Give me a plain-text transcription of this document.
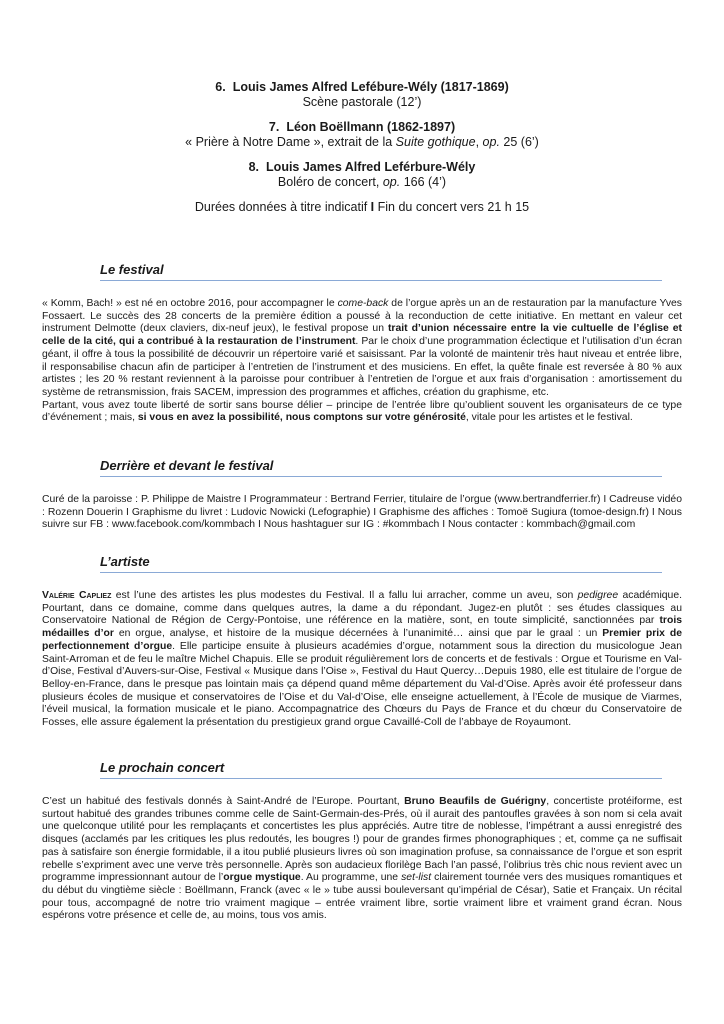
6. Louis James Alfred Lefébure-Wély (1817-1869)
Scène pastorale (12’)
7. Léon Boëllmann (1862-1897)
« Prière à Notre Dame », extrait de la Suite gothique, op. 25 (6’)
8. Louis James Alfred Leférbure-Wély
Boléro de concert, op. 166 (4’)
Durées données à titre indicatif I Fin du concert vers 21 h 15
Le festival

« Komm, Bach! » est né en octobre 2016, pour accompagner le come-back de l’orgue après un an de restauration par la manufacture Yves Fossaert. Le succès des 28 concerts de la première édition a poussé à la reconduction de cette initiative. En mettant en valeur cet instrument Delmotte (deux claviers, dix-neuf jeux), le festival propose un trait d’union nécessaire entre la vie cultuelle de l’église et celle de la cité, qui a contribué à la restauration de l’instrument. Par le choix d’une programmation éclectique et l’utilisation d’un écran géant, il offre à tous la possibilité de découvrir un répertoire varié et saisissant. Par la volonté de maintenir très haut niveau et entrée libre, il responsabilise chacun afin de participer à l’entretien de l’instrument et des musiciens. En effet, la quête finale est reversée à 80 % aux artistes ; les 20 % restant reviennent à la paroisse pour contribuer à l’entretien de l’orgue et aux frais d’organisation : amortissement du système de retransmission, frais SACEM, impression des programmes et affiches, création du graphisme, etc.

Partant, vous avez toute liberté de sortir sans bourse délier – principe de l’entrée libre qu’oublient souvent les organisateurs de ce type d’événement ; mais, si vous en avez la possibilité, nous comptons sur votre générosité, vitale pour les artistes et le festival.

Derrière et devant le festival

Curé de la paroisse : P. Philippe de Maistre I Programmateur : Bertrand Ferrier, titulaire de l’orgue (www.bertrandferrier.fr) I Cadreuse vidéo : Rozenn Douerin I Graphisme du livret : Ludovic Nowicki (Lefographie) I Graphisme des affiches : Tomoë Sugiura (tomoe-design.fr) I Nous suivre sur FB : www.facebook.com/kommbach I Nous hashtaguer sur IG : #kommbach I Nous contacter : kommbach@gmail.com

L’artiste

Valérie Capliez est l’une des artistes les plus modestes du Festival. Il a fallu lui arracher, comme un aveu, son pedigree académique. Pourtant, dans ce domaine, comme dans quelques autres, la dame a du répondant. Jugez-en plutôt : ses études classiques au Conservatoire National de Région de Cergy-Pontoise, une référence en la matière, sont, en toute simplicité, sanctionnées par trois médailles d’or en orgue, analyse, et histoire de la musique décernées à l’unanimité… ainsi que par le graal : un Premier prix de perfectionnement d’orgue. Elle participe ensuite à plusieurs académies d’orgue, notamment sous la direction du musicologue Jean Saint-Arroman et de feu le maître Michel Chapuis. Elle se produit régulièrement lors de concerts et de festivals : Orgue et Tourisme en Val-d’Oise, Festival d’Auvers-sur-Oise, Festival « Musique dans l’Oise », Festival du Haut Quercy…Depuis 1980, elle est titulaire de l’orgue de Belloy-en-France, dans le presque pas lointain mais ça dépend quand même département du Val-d’Oise. Après avoir été professeur dans plusieurs écoles de musique et conservatoires de l’Oise et du Val-d’Oise, elle enseigne actuellement, à l’École de musique de Viarmes, l’éveil musical, la formation musicale et le piano. Accompagnatrice des Chœurs du Pays de France et du chœur du Conservatoire de Fosses, elle assure également la présentation du prestigieux grand orgue Cavaillé-Coll de l’abbaye de Royaumont.

Le prochain concert

C’est un habitué des festivals donnés à Saint-André de l’Europe. Pourtant, Bruno Beaufils de Guérigny, concertiste protéiforme, est surtout habitué des grandes tribunes comme celle de Saint-Germain-des-Prés, où il aurait des pantoufles gravées à son nom si cela avait une quelconque utilité pour les remplaçants et concertistes les plus appréciés. Autre titre de noblesse, l’impétrant a aussi enregistré des disques (acclamés par les critiques les plus redoutés, les bougres !) pour de grandes firmes phonographiques ; et, comme ça ne suffisait pas à satisfaire son énergie formidable, il a itou publié plusieurs livres où son imagination profuse, sa connaissance de l’orgue et son esprit rebelle s’expriment avec une verve très personnelle. Après son audacieux florilège Bach l’an passé, l’olibrius très chic nous revient avec un programme impressionnant autour de l’orgue mystique. Au programme, une set-list clairement tournée vers des musiques romantiques et du début du vingtième siècle : Boëllmann, Franck (avec « le » tube aussi bouleversant qu’impérial de César), Satie et Françaix. Un récital pour tous, accompagné de notre trio vraiment magique – entrée vraiment libre, sortie vraiment libre et vraiment grand écran. Nous espérons votre présence et celle de, au moins, tous vos amis.
